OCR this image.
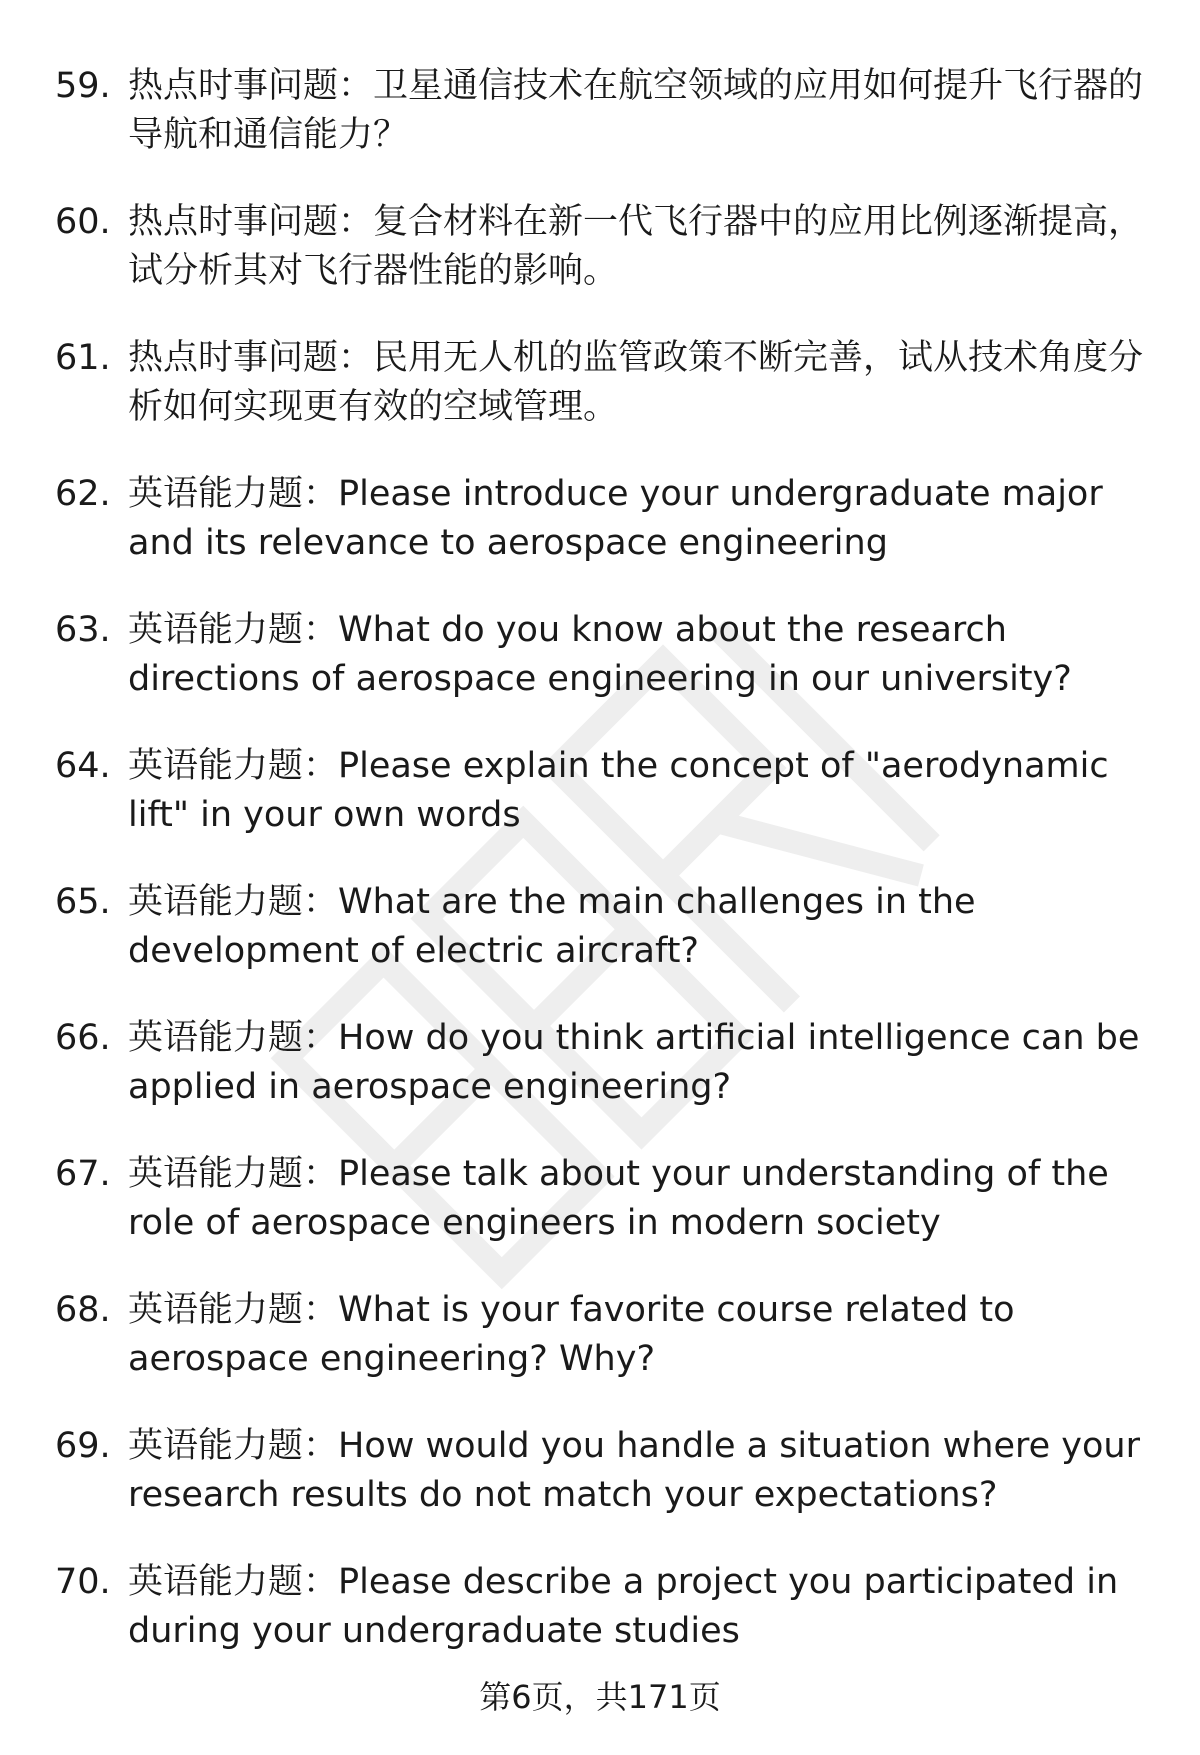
59. 热点时事问题：卫星通信技术在航空领域的应用如何提升飞行器的导航和通信能力？
60. 热点时事问题：复合材料在新一代飞行器中的应用比例逐渐提高，试分析其对飞行器性能的影响。
61. 热点时事问题：民用无人机的监管政策不断完善，试从技术角度分析如何实现更有效的空域管理。
62. 英语能力题：Please introduce your undergraduate major and its relevance to aerospace engineering
63. 英语能力题：What do you know about the research directions of aerospace engineering in our university?
64. 英语能力题：Please explain the concept of "aerodynamic lift" in your own words
65. 英语能力题：What are the main challenges in the development of electric aircraft?
66. 英语能力题：How do you think artificial intelligence can be applied in aerospace engineering?
67. 英语能力题：Please talk about your understanding of the role of aerospace engineers in modern society
68. 英语能力题：What is your favorite course related to aerospace engineering? Why?
69. 英语能力题：How would you handle a situation where your research results do not match your expectations?
70. 英语能力题：Please describe a project you participated in during your undergraduate studies
第6页，共171页
